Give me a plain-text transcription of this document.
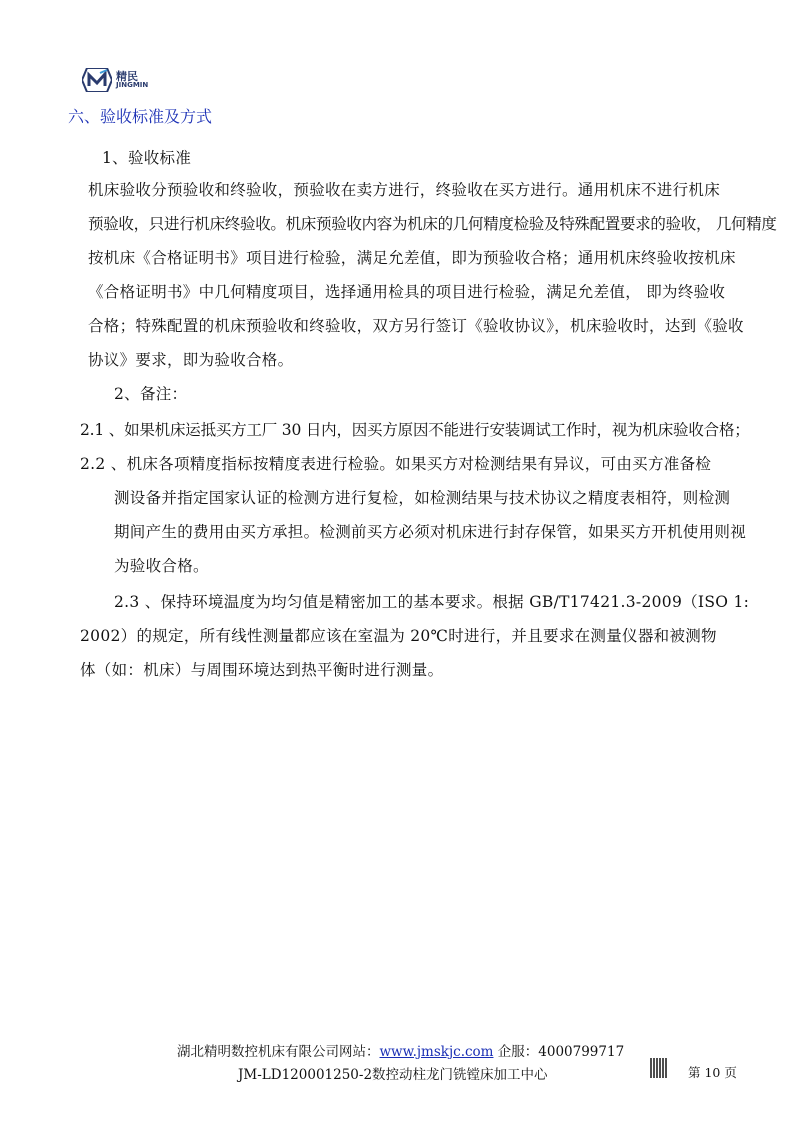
精民
JINGMIN
六、验收标准及方式
1、验收标准
机床验收分预验收和终验收，预验收在卖方进行，终验收在买方进行。通用机床不进行机床
预验收，只进行机床终验收。机床预验收内容为机床的几何精度检验及特殊配置要求的验收， 几何精度
按机床《合格证明书》项目进行检验，满足允差值，即为预验收合格；通用机床终验收按机床
《合格证明书》中几何精度项目，选择通用检具的项目进行检验，满足允差值， 即为终验收
合格；特殊配置的机床预验收和终验收，双方另行签订《验收协议》，机床验收时，达到《验收
协议》要求，即为验收合格。
2、备注：
2.1 、如果机床运抵买方工厂 30 日内，因买方原因不能进行安装调试工作时，视为机床验收合格；
2.2 、机床各项精度指标按精度表进行检验。如果买方对检测结果有异议，可由买方准备检
测设备并指定国家认证的检测方进行复检，如检测结果与技术协议之精度表相符，则检测
期间产生的费用由买方承担。检测前买方必须对机床进行封存保管，如果买方开机使用则视
为验收合格。
2.3 、保持环境温度为均匀值是精密加工的基本要求。根据 GB/T17421.3-2009（ISO 1:
2002）的规定，所有线性测量都应该在室温为 20℃时进行，并且要求在测量仪器和被测物
体（如：机床）与周围环境达到热平衡时进行测量。
湖北精明数控机床有限公司网站：www.jmskjc.com 企服：4000799717
JM-LD120001250-2数控动柱龙门铣镗床加工中心	第 10 页
